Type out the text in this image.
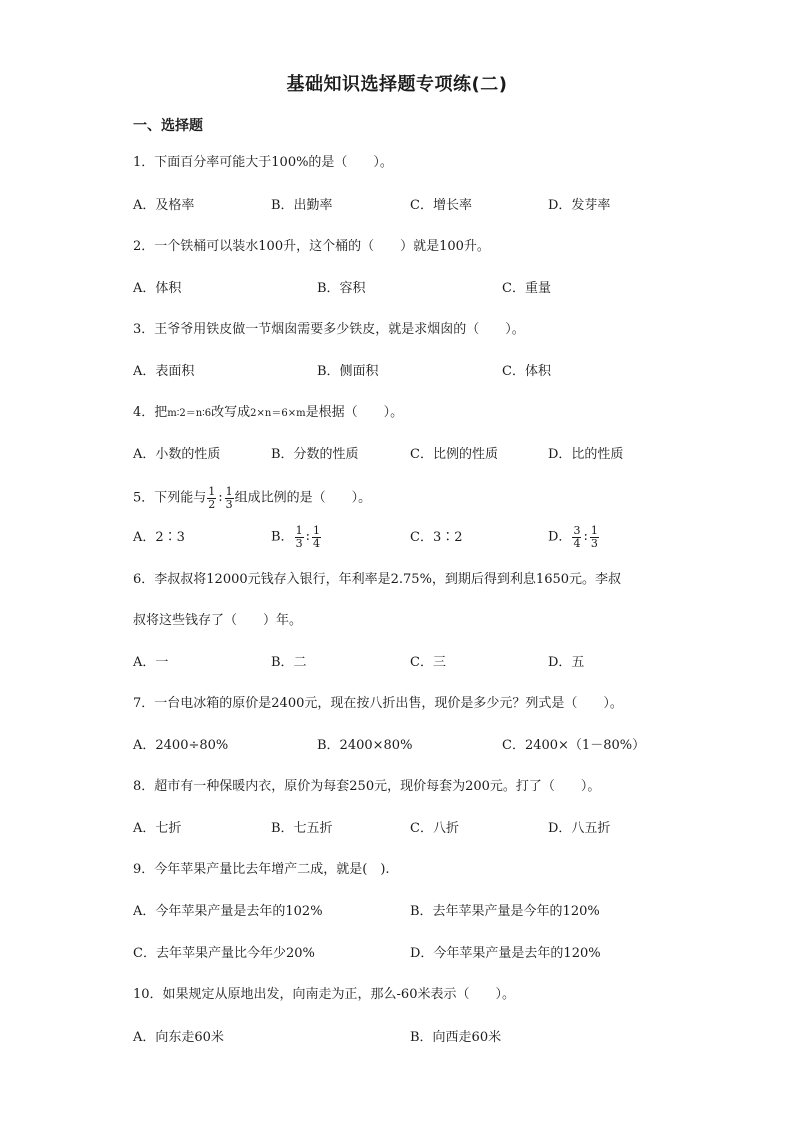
基础知识选择题专项练(二)
一、选择题
1．下面百分率可能大于100%的是（　　）。
A．及格率	B．出勤率	C．增长率	D．发芽率
2．一个铁桶可以装水100升，这个桶的（　　）就是100升。
A．体积	B．容积	C．重量
3．王爷爷用铁皮做一节烟囱需要多少铁皮，就是求烟囱的（　　）。
A．表面积	B．侧面积	C．体积
4．把m∶2＝n∶6改写成2×n＝6×m是根据（　　）。
A．小数的性质	B．分数的性质	C．比例的性质	D．比的性质
5．下列能与 $\frac{1}{2}$ : $\frac{1}{3}$ 组成比例的是（　　）。
A．2∶3	B． $\frac{1}{3}$ : $\frac{1}{4}$	C．3∶2	D． $\frac{3}{4}$ : $\frac{1}{3}$
6．李叔叔将12000元钱存入银行，年利率是2.75%，到期后得到利息1650元。李叔
叔将这些钱存了（　　）年。
A．一	B．二	C．三	D．五
7．一台电冰箱的原价是2400元，现在按八折出售，现价是多少元？列式是（　　）。
A．2400÷80%	B．2400×80%	C．2400×（1－80%）
8．超市有一种保暖内衣，原价为每套250元，现价每套为200元。打了（　　）。
A．七折	B．七五折	C．八折	D．八五折
9．今年苹果产量比去年增产二成，就是(　).
A．今年苹果产量是去年的102%	B．去年苹果产量是今年的120%
C．去年苹果产量比今年少20%	D．今年苹果产量是去年的120%
10．如果规定从原地出发，向南走为正，那么-60米表示（　　）。
A．向东走60米	B．向西走60米
